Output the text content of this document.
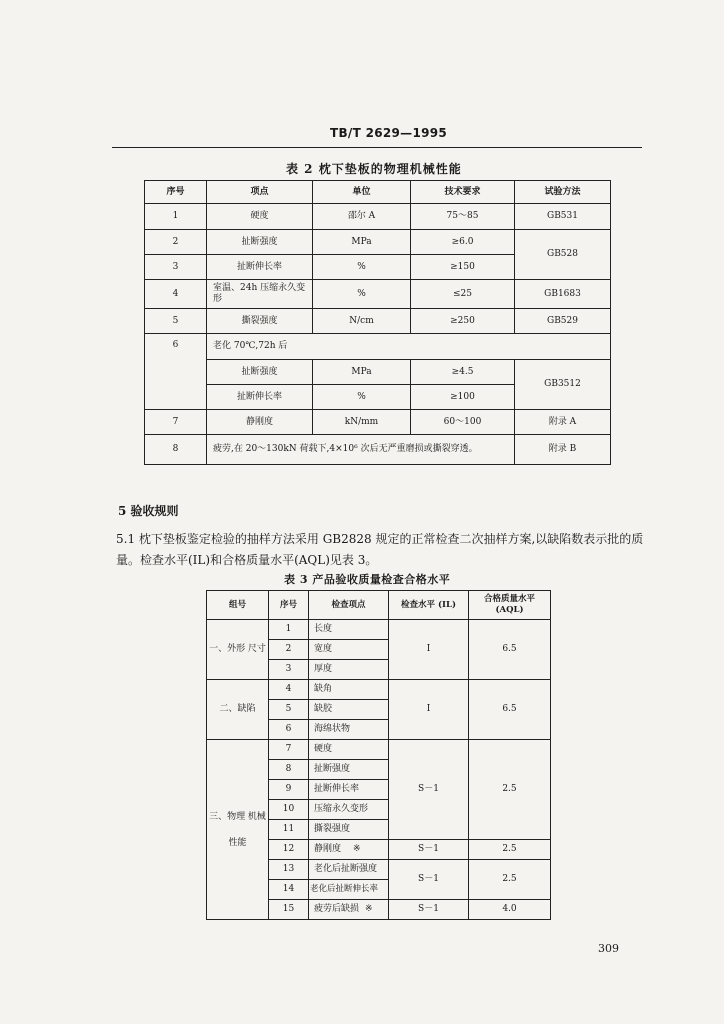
TB/T 2629—1995
表 2 枕下垫板的物理机械性能
序号	项点	单位	技术要求	试验方法
1	硬度	邵尔 A	75～85	GB531
2	扯断强度	MPa	≥6.0	GB528
3	扯断伸长率	%	≥150	
4	室温、24h 压缩永久变形	%	≤25	GB1683
5	撕裂强度	N/cm	≥250	GB529
6	老化 70℃,72h 后			
	扯断强度	MPa	≥4.5	GB3512
	扯断伸长率	%	≥100	
7	静刚度	kN/mm	60～100	附录 A
8	疲劳,在 20～130kN 荷载下,4×10⁶ 次后无严重磨损或撕裂穿透。			附录 B
5 验收规则
5.1 枕下垫板鉴定检验的抽样方法采用 GB2828 规定的正常检查二次抽样方案,以缺陷数表示批的质量。检查水平(IL)和合格质量水平(AQL)见表 3。
表 3 产品验收质量检查合格水平
组号	序号	检查项点	检查水平 (IL)	合格质量水平 (AQL)
一、外形 尺寸	1	长度	I	6.5
	2	宽度		
	3	厚度		
二、缺陷	4	缺角	I	6.5
	5	缺胶		
	6	海绵状物		
三、物理 机械 性能	7	硬度	S－1	2.5
	8	扯断强度		
	9	扯断伸长率		
	10	压缩永久变形		
	11	撕裂强度		
	12	静刚度 ※	S－1	2.5
	13	老化后扯断强度	S－1	2.5
	14	老化后扯断伸长率		
	15	疲劳后缺损 ※	S－1	4.0
309
